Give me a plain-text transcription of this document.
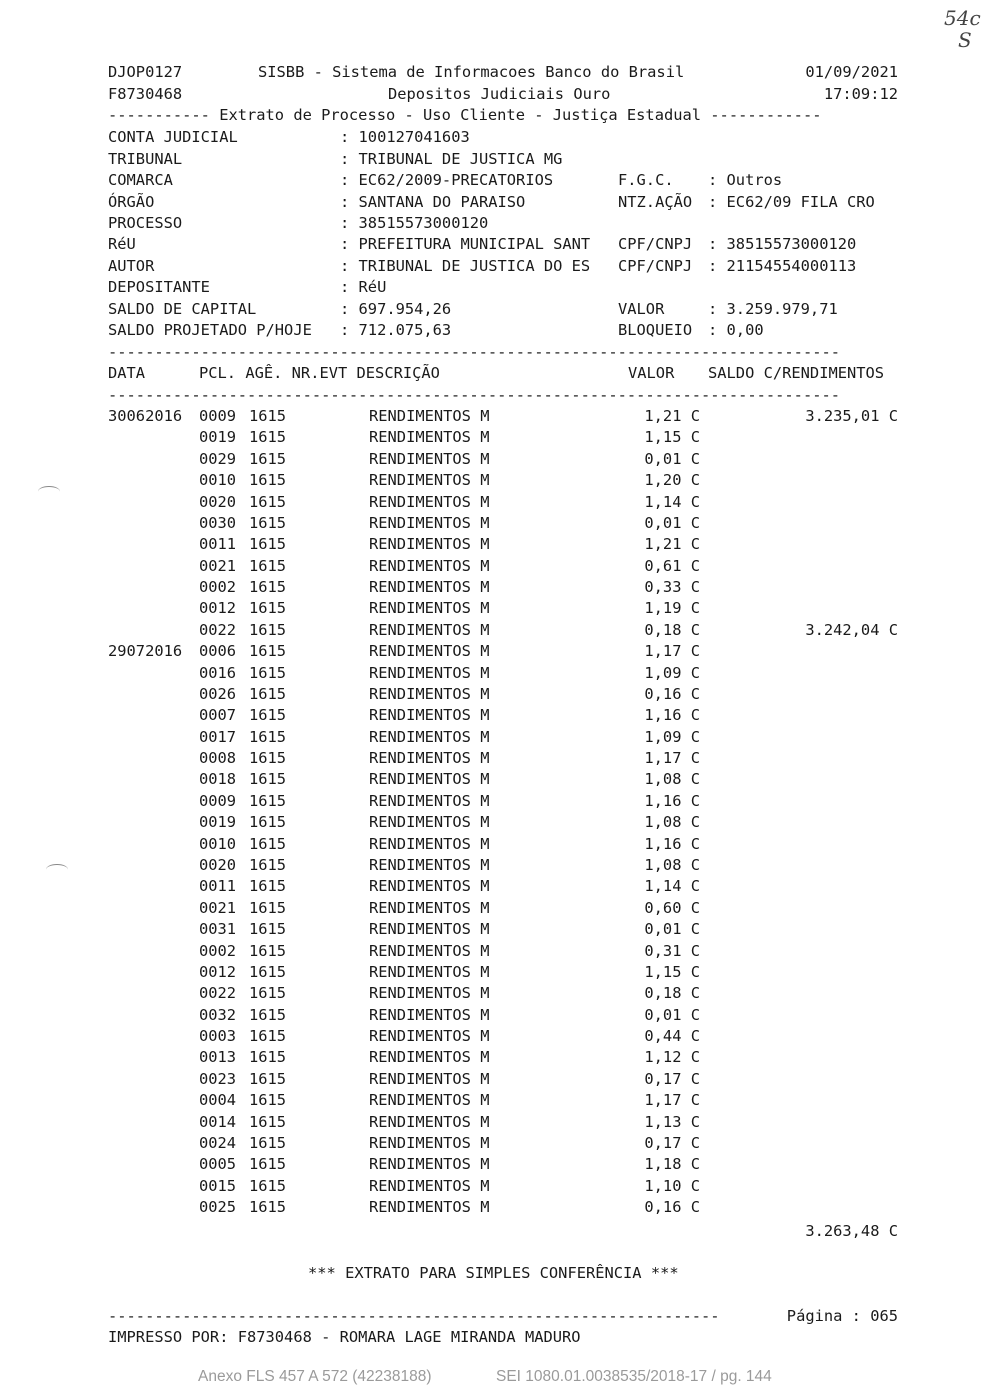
54c
S
DJOP0127	SISBB - Sistema de Informacoes Banco do Brasil	01/09/2021
F8730468	Depositos Judiciais Ouro	17:09:12
----------- Extrato de Processo - Uso Cliente - Justiça Estadual ------------
CONTA JUDICIAL	: 100127041603
TRIBUNAL	: TRIBUNAL DE JUSTICA MG
COMARCA	: EC62/2009-PRECATORIOS	F.G.C. : Outros
ÓRGÃO	: SANTANA DO PARAISO	NTZ.AÇÃO : EC62/09 FILA CRO
PROCESSO	: 38515573000120
RéU	: PREFEITURA MUNICIPAL SANT CPF/CNPJ : 38515573000120
AUTOR	: TRIBUNAL DE JUSTICA DO ES CPF/CNPJ : 21154554000113
DEPOSITANTE	: RéU
SALDO DE CAPITAL	: 697.954,26	VALOR	: 3.259.979,71
SALDO PROJETADO P/HOJE : 712.075,63	BLOQUEIO : 0,00
-------------------------------------------------------------------------------
DATA	PCL. AGÊ. NR.EVT DESCRIÇÃO	VALOR SALDO C/RENDIMENTOS
-------------------------------------------------------------------------------
30062016 0009 1615	RENDIMENTOS M	1,21 C	3.235,01 C
0019 1615	RENDIMENTOS M	1,15 C
0029 1615	RENDIMENTOS M	0,01 C
0010 1615	RENDIMENTOS M	1,20 C
0020 1615	RENDIMENTOS M	1,14 C
0030 1615	RENDIMENTOS M	0,01 C
0011 1615	RENDIMENTOS M	1,21 C
0021 1615	RENDIMENTOS M	0,61 C
0002 1615	RENDIMENTOS M	0,33 C
0012 1615	RENDIMENTOS M	1,19 C
0022 1615	RENDIMENTOS M	0,18 C	3.242,04 C
29072016 0006 1615	RENDIMENTOS M	1,17 C
0016 1615	RENDIMENTOS M	1,09 C
0026 1615	RENDIMENTOS M	0,16 C
0007 1615	RENDIMENTOS M	1,16 C
0017 1615	RENDIMENTOS M	1,09 C
0008 1615	RENDIMENTOS M	1,17 C
0018 1615	RENDIMENTOS M	1,08 C
0009 1615	RENDIMENTOS M	1,16 C
0019 1615	RENDIMENTOS M	1,08 C
0010 1615	RENDIMENTOS M	1,16 C
0020 1615	RENDIMENTOS M	1,08 C
0011 1615	RENDIMENTOS M	1,14 C
0021 1615	RENDIMENTOS M	0,60 C
0031 1615	RENDIMENTOS M	0,01 C
0002 1615	RENDIMENTOS M	0,31 C
0012 1615	RENDIMENTOS M	1,15 C
0022 1615	RENDIMENTOS M	0,18 C
0032 1615	RENDIMENTOS M	0,01 C
0003 1615	RENDIMENTOS M	0,44 C
0013 1615	RENDIMENTOS M	1,12 C
0023 1615	RENDIMENTOS M	0,17 C
0004 1615	RENDIMENTOS M	1,17 C
0014 1615	RENDIMENTOS M	1,13 C
0024 1615	RENDIMENTOS M	0,17 C
0005 1615	RENDIMENTOS M	1,18 C
0015 1615	RENDIMENTOS M	1,10 C
0025 1615	RENDIMENTOS M	0,16 C
3.263,48 C
*** EXTRATO PARA SIMPLES CONFERÊNCIA ***
------------------------------------------------------------------	Página : 065
IMPRESSO POR: F8730468 - ROMARA LAGE MIRANDA MADURO
Anexo FLS 457 A 572 (42238188)	SEI 1080.01.0038535/2018-17 / pg. 144
